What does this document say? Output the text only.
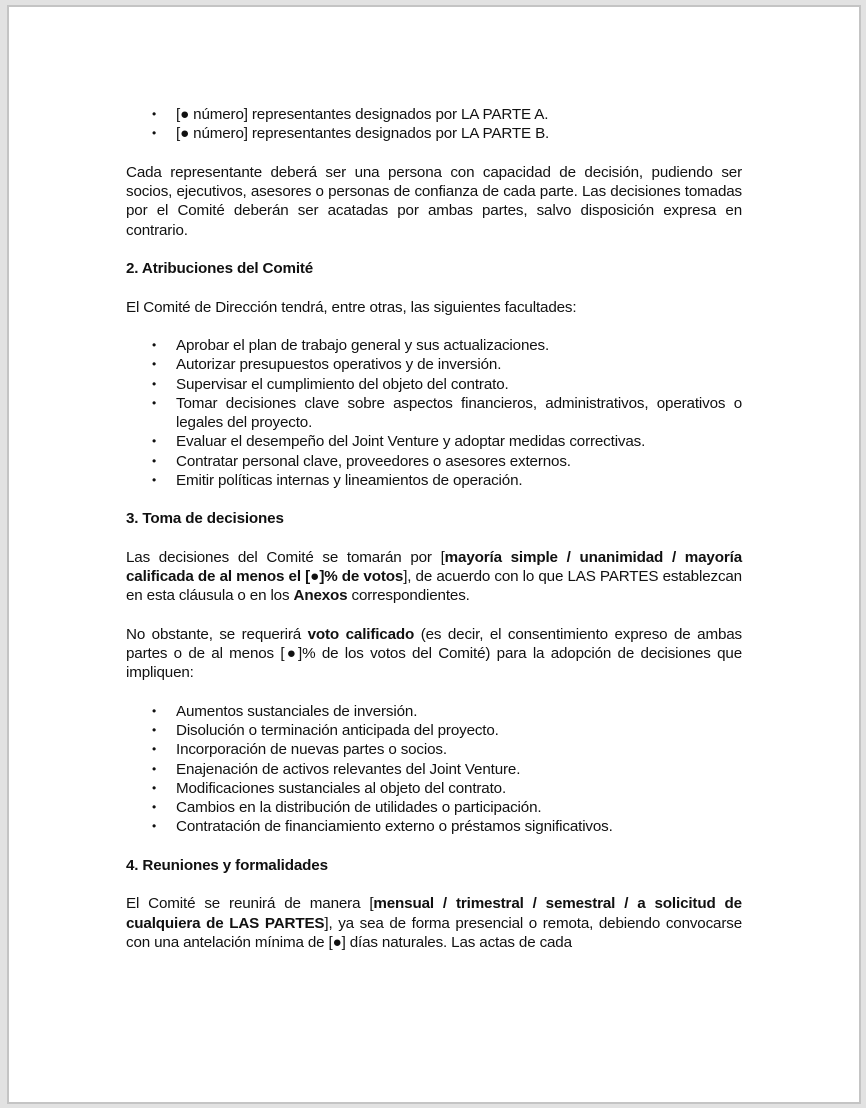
• [● número] representantes designados por LA PARTE A.
• [● número] representantes designados por LA PARTE B.

Cada representante deberá ser una persona con capacidad de decisión, pudiendo ser socios, ejecutivos, asesores o personas de confianza de cada parte. Las decisiones tomadas por el Comité deberán ser acatadas por ambas partes, salvo disposición expresa en contrario.

2. Atribuciones del Comité

El Comité de Dirección tendrá, entre otras, las siguientes facultades:

• Aprobar el plan de trabajo general y sus actualizaciones.
• Autorizar presupuestos operativos y de inversión.
• Supervisar el cumplimiento del objeto del contrato.
• Tomar decisiones clave sobre aspectos financieros, administrativos, operativos o legales del proyecto.
• Evaluar el desempeño del Joint Venture y adoptar medidas correctivas.
• Contratar personal clave, proveedores o asesores externos.
• Emitir políticas internas y lineamientos de operación.
3. Toma de decisiones

Las decisiones del Comité se tomarán por [mayoría simple / unanimidad / mayoría calificada de al menos el [●]% de votos], de acuerdo con lo que LAS PARTES establezcan en esta cláusula o en los Anexos correspondientes.

No obstante, se requerirá voto calificado (es decir, el consentimiento expreso de ambas partes o de al menos [●]% de los votos del Comité) para la adopción de decisiones que impliquen:

• Aumentos sustanciales de inversión.
• Disolución o terminación anticipada del proyecto.
• Incorporación de nuevas partes o socios.
• Enajenación de activos relevantes del Joint Venture.
• Modificaciones sustanciales al objeto del contrato.
• Cambios en la distribución de utilidades o participación.
• Contratación de financiamiento externo o préstamos significativos.
4. Reuniones y formalidades

El Comité se reunirá de manera [mensual / trimestral / semestral / a solicitud de cualquiera de LAS PARTES], ya sea de forma presencial o remota, debiendo convocarse con una antelación mínima de [●] días naturales. Las actas de cada
